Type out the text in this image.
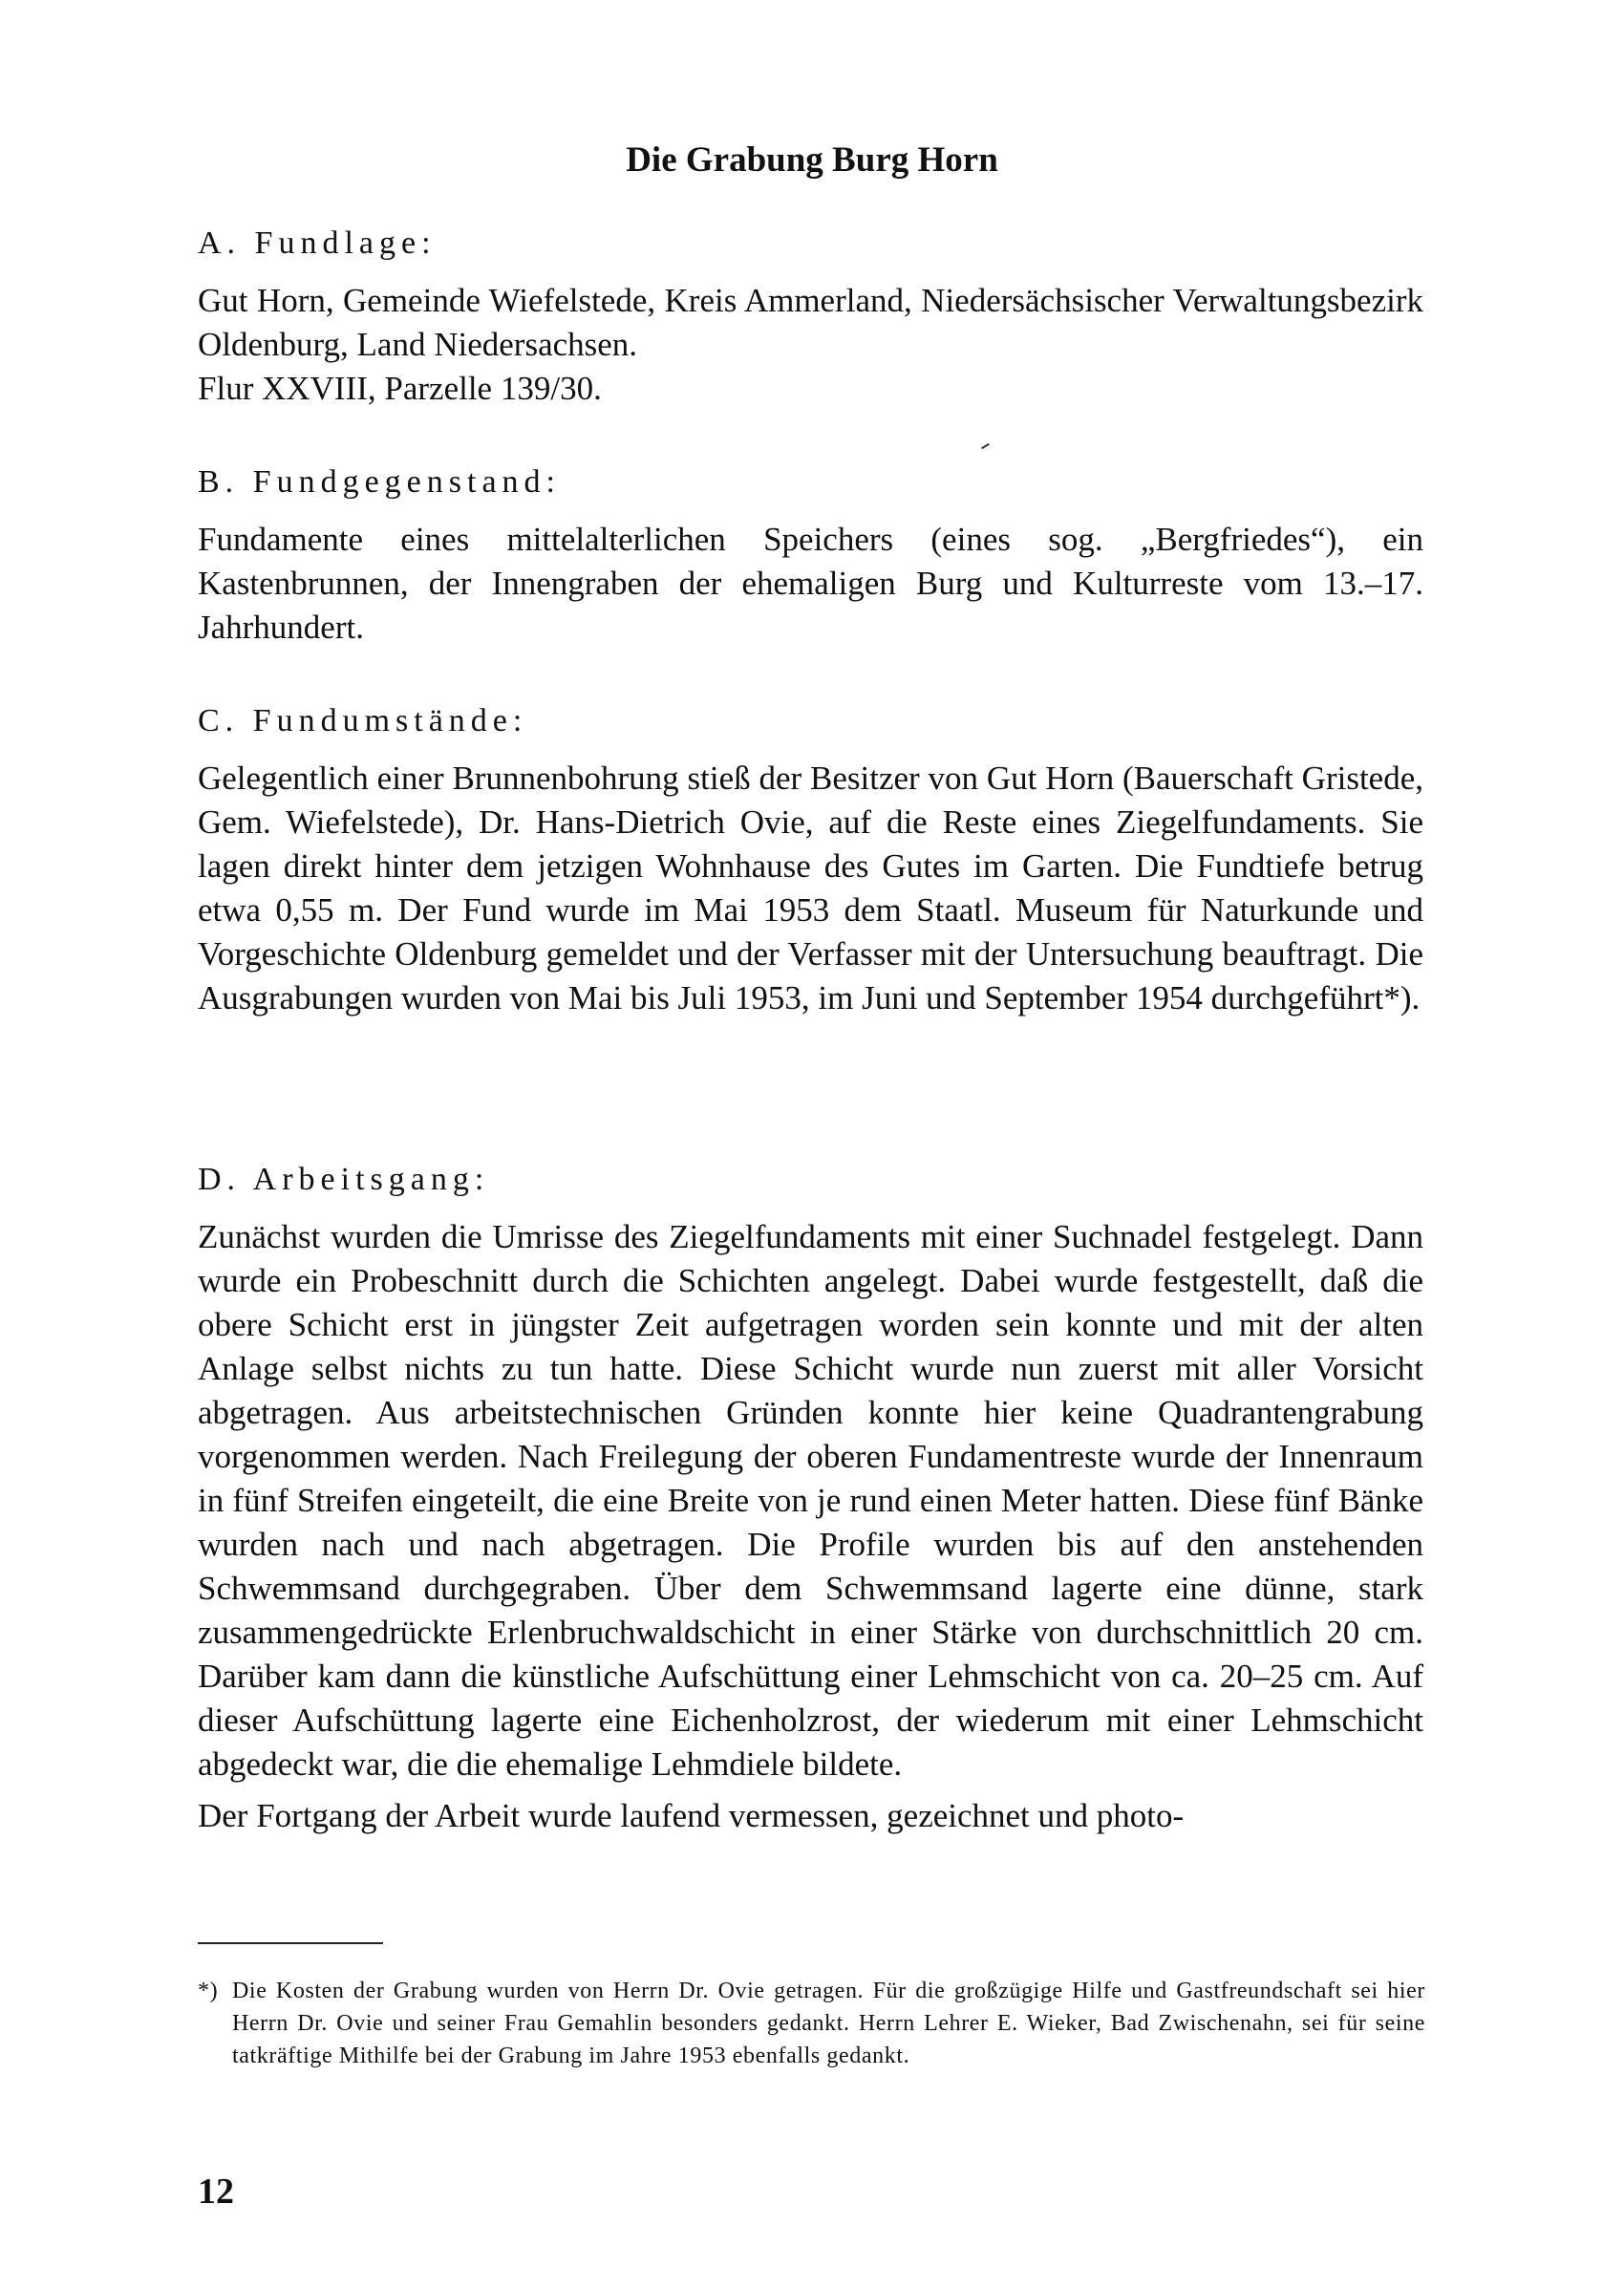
Die Grabung Burg Horn
A. Fundlage:

Gut Horn, Gemeinde Wiefelstede, Kreis Ammerland, Niedersächsischer Verwaltungsbezirk Oldenburg, Land Niedersachsen.

Flur XXVIII, Parzelle 139/30.

B. Fundgegenstand:

Fundamente eines mittelalterlichen Speichers (eines sog. „Bergfriedes“), ein Kastenbrunnen, der Innengraben der ehemaligen Burg und Kulturreste vom 13.–17. Jahrhundert.

C. Fundumstände:

Gelegentlich einer Brunnenbohrung stieß der Besitzer von Gut Horn (Bauerschaft Gristede, Gem. Wiefelstede), Dr. Hans-Dietrich Ovie, auf die Reste eines Ziegelfundaments. Sie lagen direkt hinter dem jetzigen Wohnhause des Gutes im Garten. Die Fundtiefe betrug etwa 0,55 m. Der Fund wurde im Mai 1953 dem Staatl. Museum für Naturkunde und Vorgeschichte Oldenburg gemeldet und der Verfasser mit der Untersuchung beauftragt. Die Ausgrabungen wurden von Mai bis Juli 1953, im Juni und September 1954 durchgeführt*).

D. Arbeitsgang:

Zunächst wurden die Umrisse des Ziegelfundaments mit einer Suchnadel festgelegt. Dann wurde ein Probeschnitt durch die Schichten angelegt. Dabei wurde festgestellt, daß die obere Schicht erst in jüngster Zeit aufgetragen worden sein konnte und mit der alten Anlage selbst nichts zu tun hatte. Diese Schicht wurde nun zuerst mit aller Vorsicht abgetragen. Aus arbeitstechnischen Gründen konnte hier keine Quadrantengrabung vorgenommen werden. Nach Freilegung der oberen Fundamentreste wurde der Innenraum in fünf Streifen eingeteilt, die eine Breite von je rund einen Meter hatten. Diese fünf Bänke wurden nach und nach abgetragen. Die Profile wurden bis auf den anstehenden Schwemmsand durchgegraben. Über dem Schwemmsand lagerte eine dünne, stark zusammengedrückte Erlenbruchwaldschicht in einer Stärke von durchschnittlich 20 cm. Darüber kam dann die künstliche Aufschüttung einer Lehmschicht von ca. 20–25 cm. Auf dieser Aufschüttung lagerte eine Eichenholzrost, der wiederum mit einer Lehmschicht abgedeckt war, die die ehemalige Lehmdiele bildete.

Der Fortgang der Arbeit wurde laufend vermessen, gezeichnet und photo-

*) Die Kosten der Grabung wurden von Herrn Dr. Ovie getragen. Für die großzügige Hilfe und Gastfreundschaft sei hier Herrn Dr. Ovie und seiner Frau Gemahlin besonders gedankt. Herrn Lehrer E. Wieker, Bad Zwischenahn, sei für seine tatkräftige Mithilfe bei der Grabung im Jahre 1953 ebenfalls gedankt.

12
